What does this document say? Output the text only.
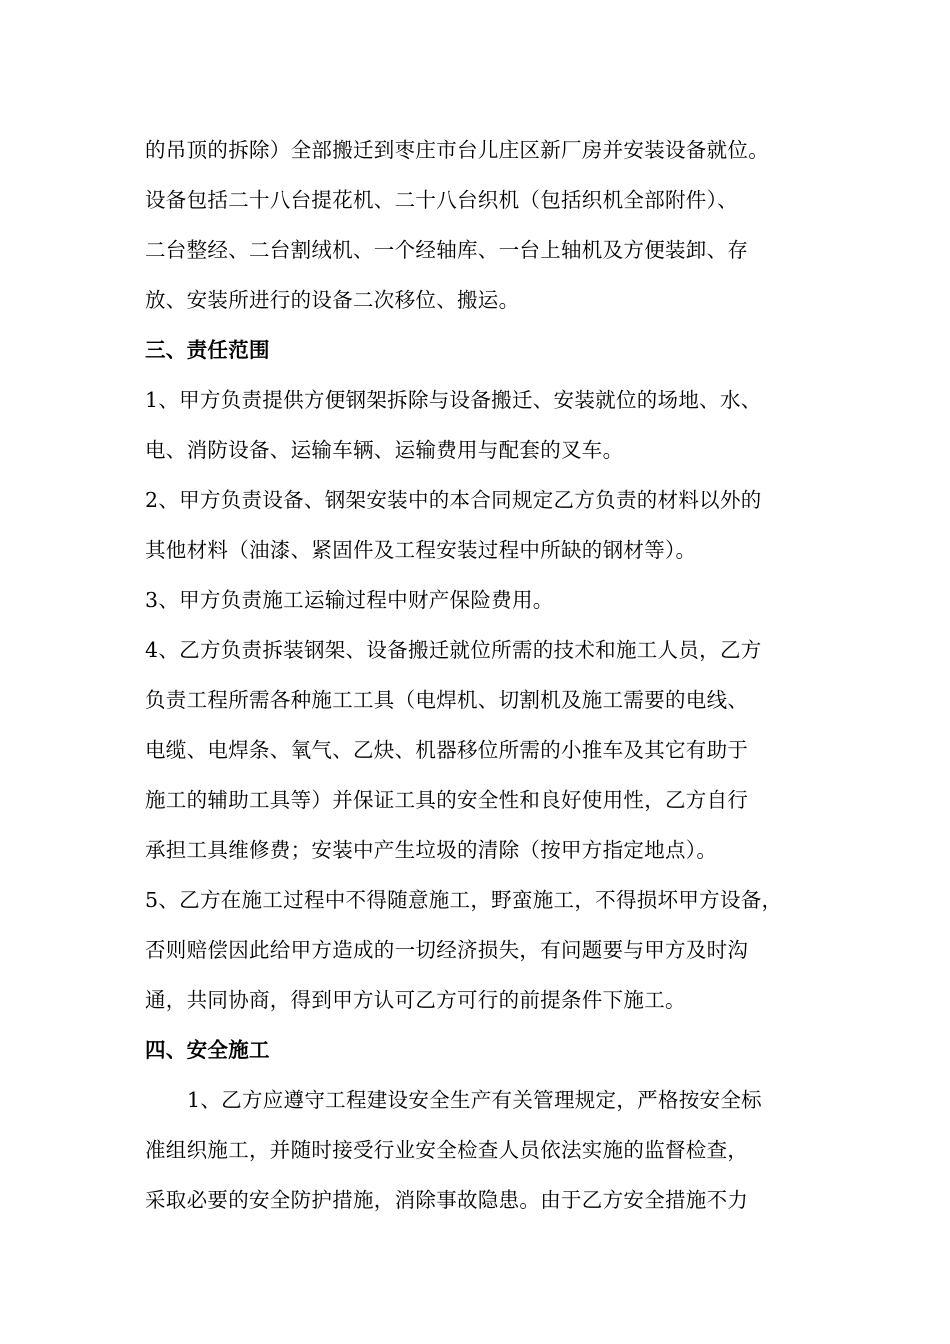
的吊顶的拆除）全部搬迁到枣庄市台儿庄区新厂房并安装设备就位。
设备包括二十八台提花机、二十八台织机（包括织机全部附件）、
二台整经、二台割绒机、一个经轴库、一台上轴机及方便装卸、存
放、安装所进行的设备二次移位、搬运。
三、责任范围
1、甲方负责提供方便钢架拆除与设备搬迁、安装就位的场地、水、
电、消防设备、运输车辆、运输费用与配套的叉车。
2、甲方负责设备、钢架安装中的本合同规定乙方负责的材料以外的
其他材料（油漆、紧固件及工程安装过程中所缺的钢材等）。
3、甲方负责施工运输过程中财产保险费用。
4、乙方负责拆装钢架、设备搬迁就位所需的技术和施工人员，乙方
负责工程所需各种施工工具（电焊机、切割机及施工需要的电线、
电缆、电焊条、氧气、乙炔、机器移位所需的小推车及其它有助于
施工的辅助工具等）并保证工具的安全性和良好使用性，乙方自行
承担工具维修费；安装中产生垃圾的清除（按甲方指定地点）。
5、乙方在施工过程中不得随意施工，野蛮施工，不得损坏甲方设备，
否则赔偿因此给甲方造成的一切经济损失，有问题要与甲方及时沟
通，共同协商，得到甲方认可乙方可行的前提条件下施工。
四、安全施工
1、乙方应遵守工程建设安全生产有关管理规定，严格按安全标
准组织施工，并随时接受行业安全检查人员依法实施的监督检查，
采取必要的安全防护措施，消除事故隐患。由于乙方安全措施不力
